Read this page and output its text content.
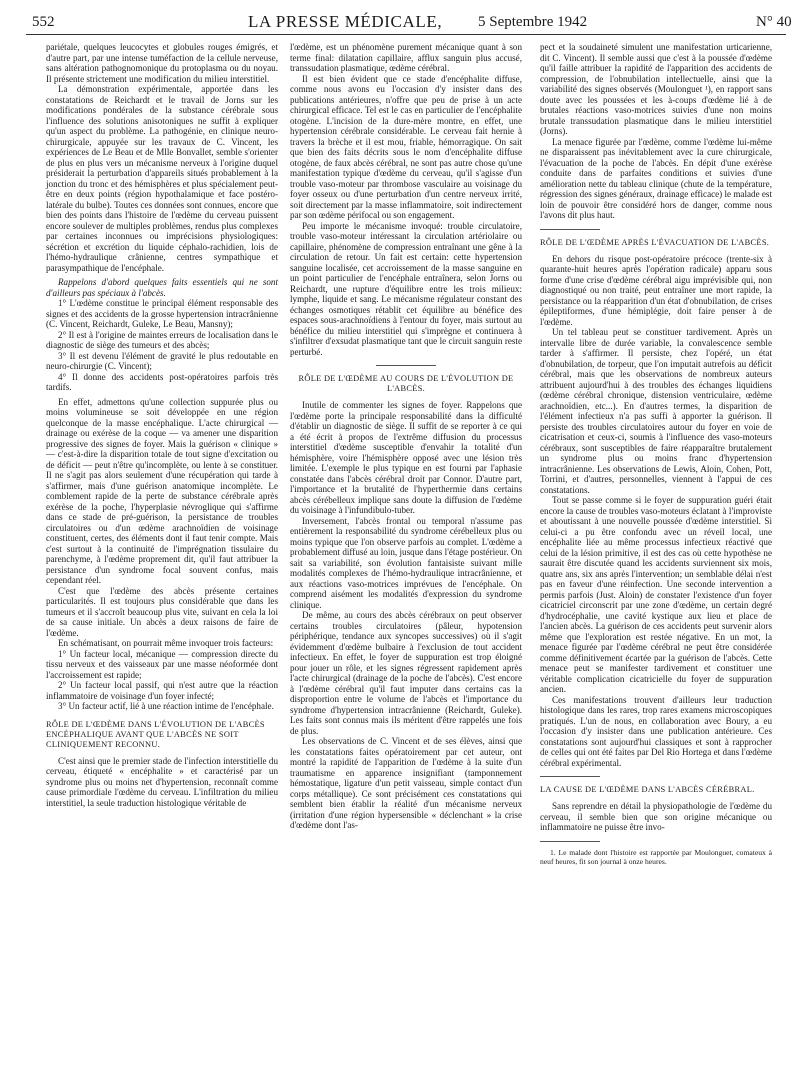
552	LA PRESSE MÉDICALE, 5 Septembre 1942	N° 40

pariétale, quelques leucocytes et globules rouges émigrés, et d'autre part, par une intense tuméfaction de la cellule nerveuse, sans altération pathognomonique du protoplasma ou du noyau. Il présente strictement une modification du milieu interstitiel.

La démonstration expérimentale, apportée dans les constatations de Reichardt et le travail de Jorns sur les modifications pondérales de la substance cérébrale sous l'influence des solutions anisotoniques ne suffit à expliquer qu'un aspect du problème. La pathogénie, en clinique neuro-chirurgicale, appuyée sur les travaux de C. Vincent, les expériences de Le Beau et de Mlle Bonvallet, semble s'orienter de plus en plus vers un mécanisme nerveux à l'origine duquel présiderait la perturbation d'appareils situés probablement à la jonction du tronc et des hémisphères et plus spécialement peut-être en deux points (région hypothalamique et face postéro-latérale du bulbe). Toutes ces données sont connues, encore que bien des points dans l'histoire de l'œdème du cerveau puissent encore soulever de multiples problèmes, rendus plus complexes par certaines inconnues ou imprécisions physiologiques: sécrétion et excrétion du liquide céphalo-rachidien, lois de l'hémo-hydraulique crânienne, centres sympathique et parasympathique de l'encéphale.

Rappelons d'abord quelques faits essentiels qui ne sont d'ailleurs pas spéciaux à l'abcès.

1° L'œdème constitue le principal élément responsable des signes et des accidents de la grosse hypertension intracrânienne (C. Vincent, Reichardt, Guleke, Le Beau, Mansny);

2° Il est à l'origine de maintes erreurs de localisation dans le diagnostic de siège des tumeurs et des abcès;

3° Il est devenu l'élément de gravité le plus redoutable en neuro-chirurgie (C. Vincent);

4° Il donne des accidents post-opératoires parfois très tardifs.

En effet, admettons qu'une collection suppurée plus ou moins volumineuse se soit développée en une région quelconque de la masse encéphalique. L'acte chirurgical — drainage ou exérèse de la coque — va amener une disparition progressive des signes de foyer. Mais la guérison « clinique » — c'est-à-dire la disparition totale de tout signe d'excitation ou de déficit — peut n'être qu'incomplète, ou lente à se constituer. Il ne s'agit pas alors seulement d'une récupération qui tarde à s'affirmer, mais d'une guérison anatomique incomplète. Le comblement rapide de la perte de substance cérébrale après exérèse de la poche, l'hyperplasie névroglique qui s'affirme dans ce stade de pré-guérison, la persistance de troubles circulatoires ou d'un œdème arachnoïdien de voisinage constituent, certes, des éléments dont il faut tenir compte. Mais c'est surtout à la continuité de l'imprégnation tissulaire du parenchyme, à l'œdème proprement dit, qu'il faut attribuer la persistance d'un syndrome focal souvent confus, mais cependant réel.

C'est que l'œdème des abcès présente certaines particularités. Il est toujours plus considérable que dans les tumeurs et il s'accroît beaucoup plus vite, suivant en cela la loi de sa cause initiale. Un abcès a deux raisons de faire de l'œdème.

En schématisant, on pourrait même invoquer trois facteurs:

1° Un facteur local, mécanique — compression directe du tissu nerveux et des vaisseaux par une masse néoformée dont l'accroissement est rapide;

2° Un facteur local passif, qui n'est autre que la réaction inflammatoire de voisinage d'un foyer infecté;

3° Un facteur actif, lié à une réaction intime de l'encéphale.

RÔLE DE L'ŒDÈME DANS L'ÉVOLUTION DE L'ABCÈS ENCÉPHALIQUE AVANT QUE L'ABCÈS NE SOIT CLINIQUEMENT RECONNU.

C'est ainsi que le premier stade de l'infection interstitielle du cerveau, étiqueté « encéphalite » et caractérisé par un syndrome plus ou moins net d'hypertension, reconnaît comme cause primordiale l'œdème du cerveau. L'infiltration du milieu interstitiel, la seule traduction histologique véritable de

l'œdème, est un phénomène purement mécanique quant à son terme final: dilatation capillaire, afflux sanguin plus accusé, transsudation plasmatique, œdème cérébral.

Il est bien évident que ce stade d'encéphalite diffuse, comme nous avons eu l'occasion d'y insister dans des publications antérieures, n'offre que peu de prise à un acte chirurgical efficace. Tel est le cas en particulier de l'encéphalite otogène. L'incision de la dure-mère montre, en effet, une hypertension cérébrale considérable. Le cerveau fait hernie à travers la brèche et il est mou, friable, hémorragique. On sait que bien des faits décrits sous le nom d'encéphalite diffuse otogène, de faux abcès cérébral, ne sont pas autre chose qu'une manifestation typique d'œdème du cerveau, qu'il s'agisse d'un trouble vaso-moteur par thrombose vasculaire au voisinage du foyer osseux ou d'une perturbation d'un centre nerveux irrité, soit directement par la masse inflammatoire, soit indirectement par son œdème périfocal ou son engagement.

Peu importe le mécanisme invoqué: trouble circulatoire, trouble vaso-moteur intéressant la circulation artériolaire ou capillaire, phénomène de compression entraînant une gêne à la circulation de retour. Un fait est certain: cette hypertension sanguine localisée, cet accroissement de la masse sanguine en un point particulier de l'encéphale entraînera, selon Jorns ou Reichardt, une rupture d'équilibre entre les trois milieux: lymphe, liquide et sang. Le mécanisme régulateur constant des échanges osmotiques rétablit cet équilibre au bénéfice des espaces sous-arachnoïdiens à l'entour du foyer, mais surtout au bénéfice du milieu interstitiel qui s'imprègne et continuera à s'infiltrer d'exsudat plasmatique tant que le circuit sanguin reste perturbé.

RÔLE DE L'ŒDÈME AU COURS DE L'ÉVOLUTION DE L'ABCÈS.

Inutile de commenter les signes de foyer. Rappelons que l'œdème porte la principale responsabilité dans la difficulté d'établir un diagnostic de siège. Il suffit de se reporter à ce qui a été écrit à propos de l'extrême diffusion du processus interstitiel d'œdème susceptible d'envahir la totalité d'un hémisphère, voire l'hémisphère opposé avec une lésion très limitée. L'exemple le plus typique en est fourni par l'aphasie constatée dans l'abcès cérébral droit par Connor. D'autre part, l'importance et la brutalité de l'hyperthermie dans certains abcès cérébelleux implique sans doute la diffusion de l'œdème du voisinage à l'infundibulo-tuber.

Inversement, l'abcès frontal ou temporal n'assume pas entièrement la responsabilité du syndrome cérébelleux plus ou moins typique que l'on observe parfois au complet. L'œdème a probablement diffusé au loin, jusque dans l'étage postérieur. On sait sa variabilité, son évolution fantaisiste suivant mille modalités complexes de l'hémo-hydraulique intracrânienne, et aux réactions vaso-motrices imprévues de l'encéphale. On comprend aisément les modalités d'expression du syndrome clinique.

De même, au cours des abcès cérébraux on peut observer certains troubles circulatoires (pâleur, hypotension périphérique, tendance aux syncopes successives) où il s'agit évidemment d'œdème bulbaire à l'exclusion de tout accident infectieux. En effet, le foyer de suppuration est trop éloigné pour jouer un rôle, et les signes régressent rapidement après l'acte chirurgical (drainage de la poche de l'abcès). C'est encore à l'œdème cérébral qu'il faut imputer dans certains cas la disproportion entre le volume de l'abcès et l'importance du syndrome d'hypertension intracrânienne (Reichardt, Guleke). Les faits sont connus mais ils méritent d'être rappelés une fois de plus.

Les observations de C. Vincent et de ses élèves, ainsi que les constatations faites opératoirement par cet auteur, ont montré la rapidité de l'apparition de l'œdème à la suite d'un traumatisme en apparence insignifiant (tamponnement hémostatique, ligature d'un petit vaisseau, simple contact d'un corps métallique). Ce sont précisément ces constatations qui semblent bien établir la réalité d'un mécanisme nerveux (irritation d'une région hypersensible « déclenchant » la crise d'œdème dont l'as-

pect et la soudaineté simulent une manifestation urticarienne, dit C. Vincent). Il semble aussi que c'est à la poussée d'œdème qu'il faille attribuer la rapidité de l'apparition des accidents de compression, de l'obnubilation intellectuelle, ainsi que la variabilité des signes observés (Moulonguet ¹), en rapport sans doute avec les poussées et les à-coups d'œdème lié à de brutales réactions vaso-motrices suivies d'une non moins brutale transsudation plasmatique dans le milieu interstitiel (Jorns).

La menace figurée par l'œdème, comme l'œdème lui-même ne disparaissent pas inévitablement avec la cure chirurgicale, l'évacuation de la poche de l'abcès. En dépit d'une exérèse conduite dans de parfaites conditions et suivies d'une amélioration nette du tableau clinique (chute de la température, régression des signes généraux, drainage efficace) le malade est loin de pouvoir être considéré hors de danger, comme nous l'avons dit plus haut.

RÔLE DE L'ŒDÈME APRÈS L'ÉVACUATION DE L'ABCÈS.

En dehors du risque post-opératoire précoce (trente-six à quarante-huit heures après l'opération radicale) apparu sous forme d'une crise d'œdème cérébral aigu imprévisible qui, non diagnostiqué ou non traité, peut entraîner une mort rapide, la persistance ou la réapparition d'un état d'obnubilation, de crises épileptiformes, d'une hémiplégie, doit faire penser à de l'œdème.

Un tel tableau peut se constituer tardivement. Après un intervalle libre de durée variable, la convalescence semble tarder à s'affirmer. Il persiste, chez l'opéré, un état d'obnubilation, de torpeur, que l'on imputait autrefois au déficit cérébral, mais que les observations de nombreux auteurs attribuent aujourd'hui à des troubles des échanges liquidiens (œdème cérébral chronique, distension ventriculaire, œdème arachnoïdien, etc...). En d'autres termes, la disparition de l'élément infectieux n'a pas suffi à apporter la guérison. Il persiste des troubles circulatoires autour du foyer en voie de cicatrisation et ceux-ci, soumis à l'influence des vaso-moteurs cérébraux, sont susceptibles de faire réapparaître brutalement un syndrome plus ou moins franc d'hypertension intracrânienne. Les observations de Lewis, Aloin, Cohen, Pott, Torrini, et d'autres, personnelles, viennent à l'appui de ces constatations.

Tout se passe comme si le foyer de suppuration guéri était encore la cause de troubles vaso-moteurs éclatant à l'improviste et aboutissant à une nouvelle poussée d'œdème interstitiel. Si celui-ci a pu être confondu avec un réveil local, une encéphalite liée au même processus infectieux réactivé que celui de la lésion primitive, il est des cas où cette hypothèse ne saurait être discutée quand les accidents surviennent six mois, quatre ans, six ans après l'intervention; un semblable délai n'est pas en faveur d'une réinfection. Une seconde intervention a permis parfois (Just. Aloin) de constater l'existence d'un foyer cicatriciel circonscrit par une zone d'œdème, un certain degré d'hydrocéphalie, une cavité kystique aux lieu et place de l'ancien abcès. La guérison de ces accidents peut survenir alors même que l'exploration est restée négative. En un mot, la menace figurée par l'œdème cérébral ne peut être considérée comme définitivement écartée par la guérison de l'abcès. Cette menace peut se manifester tardivement et constituer une véritable complication cicatricielle du foyer de suppuration ancien.

Ces manifestations trouvent d'ailleurs leur traduction histologique dans les rares, trop rares examens microscopiques pratiqués. L'un de nous, en collaboration avec Boury, a eu l'occasion d'y insister dans une publication antérieure. Ces constatations sont aujourd'hui classiques et sont à rapprocher de celles qui ont été faites par Del Rio Hortega et dans l'œdème cérébral expérimental.

LA CAUSE DE L'ŒDÈME DANS L'ABCÈS CÉRÉBRAL.

Sans reprendre en détail la physiopathologie de l'œdème du cerveau, il semble bien que son origine mécanique ou inflammatoire ne puisse être invo-

1. Le malade dont l'histoire est rapportée par Moulonguet, comateux à neuf heures, fit son journal à onze heures.
